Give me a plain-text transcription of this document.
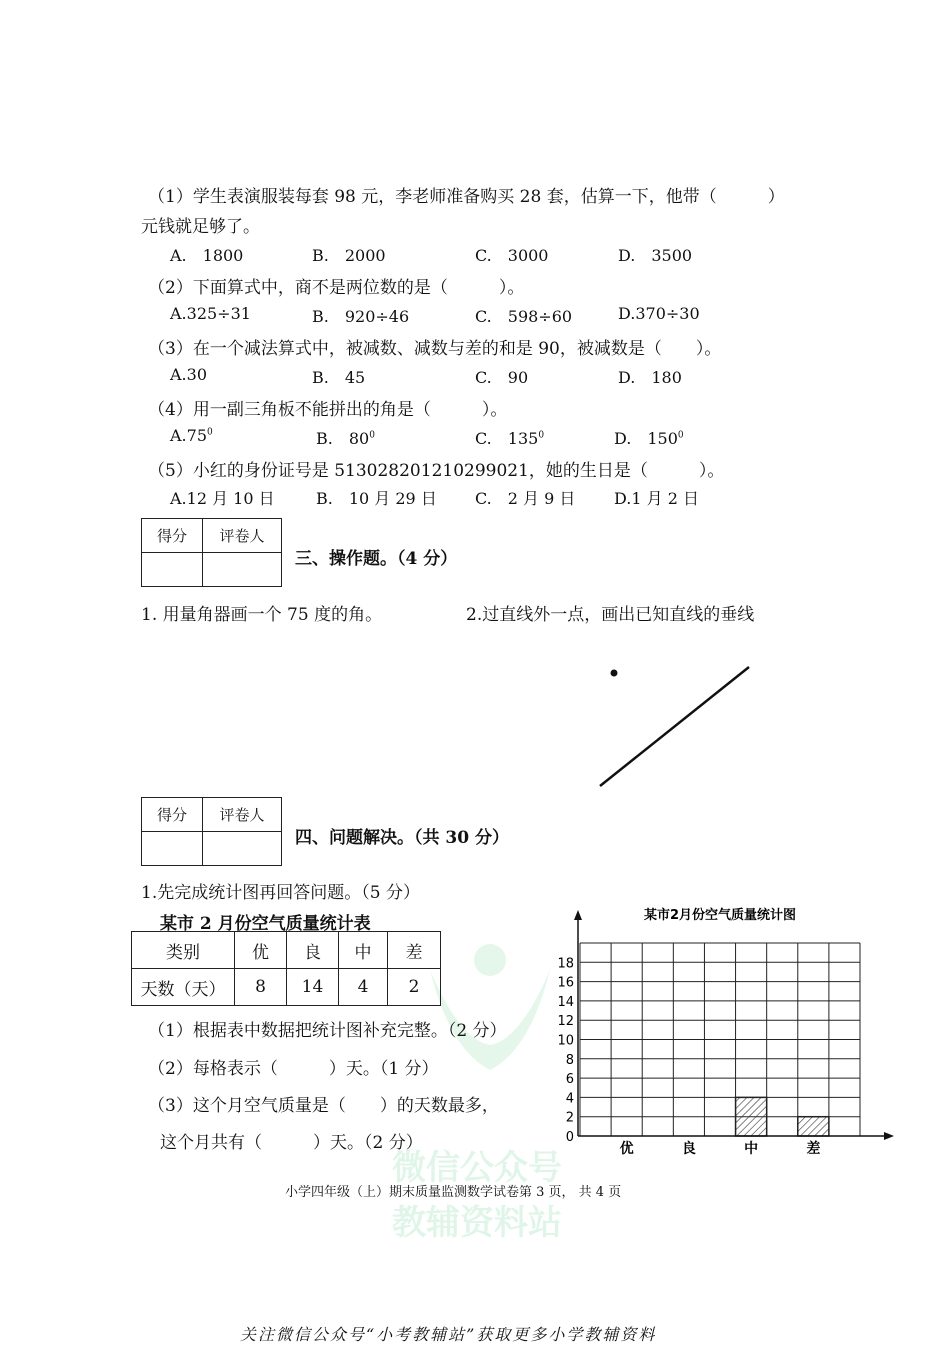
微信公众号
教辅资料站
（1）学生表演服装每套 98 元，李老师准备购买 28 套，估算一下，他带（　　　）
元钱就足够了。
A.　1800	B.　2000	C.　3000	D.　3500
（2）下面算式中，商不是两位数的是（　　　）。
A.325÷31	B.　920÷46	C.　598÷60	D.370÷30
（3）在一个减法算式中，被减数、减数与差的和是 90，被减数是（　　）。
A.30	B.　45	C.　90	D.　180
（4）用一副三角板不能拼出的角是（　　　）。
$A.75^0$	B.　$80^0$	C.　$135^0$	D.　$150^0$
（5）小红的身份证号是 513028201210299021，她的生日是（　　　）。
A.12 月 10 日	B.　10 月 29 日 C.　2 月 9 日 D.1 月 2 日
得分	评卷人

三、操作题。（4 分）
1. 用量角器画一个 75 度的角。	2.过直线外一点，画出已知直线的垂线
得分	评卷人

四、问题解决。（共 30 分）
1.先完成统计图再回答问题。（5 分）
某市 2 月份空气质量统计表
类别	优	良	中	差
天数（天）	8	14	4	2
（1）根据表中数据把统计图补充完整。（2 分）
（2）每格表示（　　　）天。（1 分）
（3）这个月空气质量是（　　）的天数最多，
这个月共有（　　　）天。（2 分）
某市2月份空气质量统计图
0
2
4
6
8
10
12
14
16
18
优	良	中	差
小学四年级（上）期末质量监测数学试卷第 3 页， 共 4 页
关注微信公众号“小考教辅站”获取更多小学教辅资料
